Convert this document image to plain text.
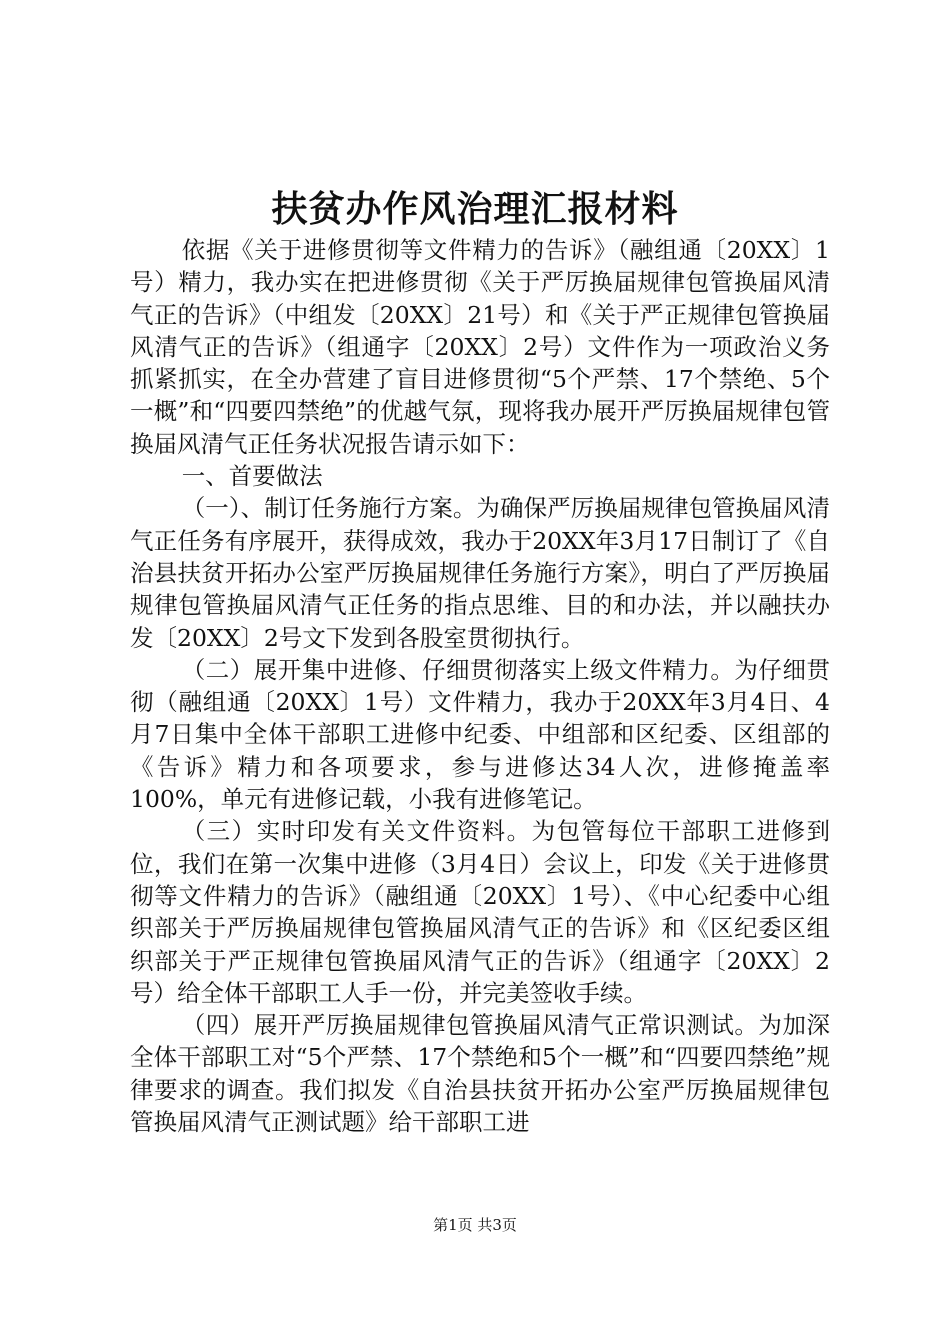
扶贫办作风治理汇报材料

依据《关于进修贯彻等文件精力的告诉》（融组通〔20XX〕1号）精力，我办实在把进修贯彻《关于严厉换届规律包管换届风清气正的告诉》（中组发〔20XX〕21号）和《关于严正规律包管换届风清气正的告诉》（组通字〔20XX〕2号）文件作为一项政治义务抓紧抓实，在全办营建了盲目进修贯彻“5个严禁、17个禁绝、5个一概”和“四要四禁绝”的优越气氛，现将我办展开严厉换届规律包管换届风清气正任务状况报告请示如下：

一、首要做法

（一）、制订任务施行方案。为确保严厉换届规律包管换届风清气正任务有序展开，获得成效，我办于20XX年3月17日制订了《自治县扶贫开拓办公室严厉换届规律任务施行方案》，明白了严厉换届规律包管换届风清气正任务的指点思维、目的和办法，并以融扶办发〔20XX〕2号文下发到各股室贯彻执行。

（二）展开集中进修、仔细贯彻落实上级文件精力。为仔细贯彻（融组通〔20XX〕1号）文件精力，我办于20XX年3月4日、4月7日集中全体干部职工进修中纪委、中组部和区纪委、区组部的《告诉》精力和各项要求，参与进修达34人次，进修掩盖率100%，单元有进修记载，小我有进修笔记。

（三）实时印发有关文件资料。为包管每位干部职工进修到位，我们在第一次集中进修（3月4日）会议上，印发《关于进修贯彻等文件精力的告诉》（融组通〔20XX〕1号）、《中心纪委中心组织部关于严厉换届规律包管换届风清气正的告诉》和《区纪委区组织部关于严正规律包管换届风清气正的告诉》（组通字〔20XX〕2号）给全体干部职工人手一份，并完美签收手续。

（四）展开严厉换届规律包管换届风清气正常识测试。为加深全体干部职工对“5个严禁、17个禁绝和5个一概”和“四要四禁绝”规律要求的调查。我们拟发《自治县扶贫开拓办公室严厉换届规律包管换届风清气正测试题》给干部职工进

第1页 共3页
